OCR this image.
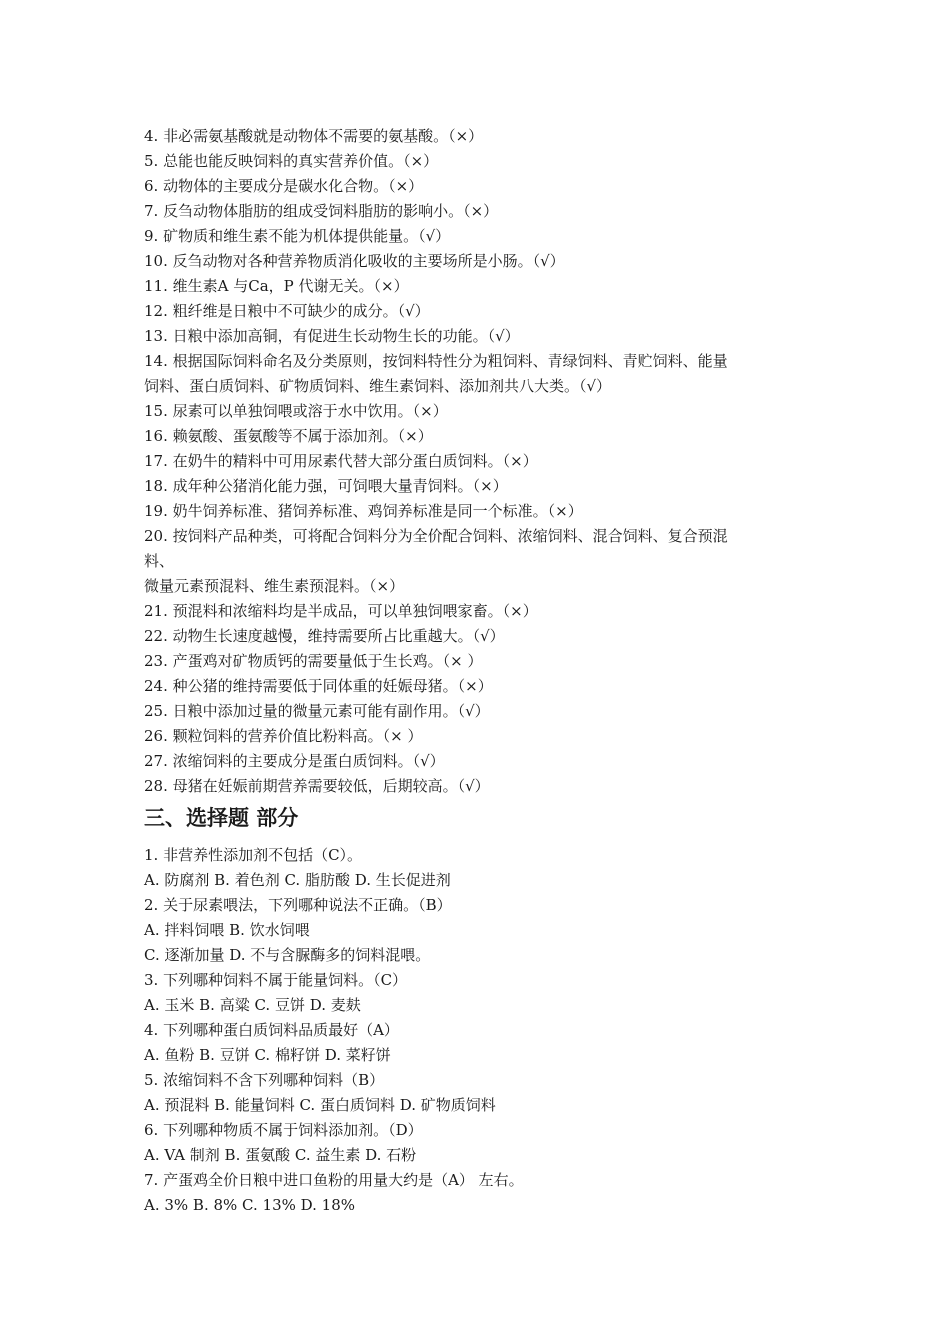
4. 非必需氨基酸就是动物体不需要的氨基酸。（×）
5. 总能也能反映饲料的真实营养价值。（×）
6. 动物体的主要成分是碳水化合物。（×）
7. 反刍动物体脂肪的组成受饲料脂肪的影响小。（×）
9. 矿物质和维生素不能为机体提供能量。（√）
10. 反刍动物对各种营养物质消化吸收的主要场所是小肠。（√）
11. 维生素A 与Ca，P 代谢无关。（×）
12. 粗纤维是日粮中不可缺少的成分。（√）
13. 日粮中添加高铜，有促进生长动物生长的功能。（√）
14. 根据国际饲料命名及分类原则，按饲料特性分为粗饲料、青绿饲料、青贮饲料、能量
饲料、蛋白质饲料、矿物质饲料、维生素饲料、添加剂共八大类。（√）
15. 尿素可以单独饲喂或溶于水中饮用。（×）
16. 赖氨酸、蛋氨酸等不属于添加剂。（×）
17. 在奶牛的精料中可用尿素代替大部分蛋白质饲料。（×）
18. 成年种公猪消化能力强，可饲喂大量青饲料。（×）
19. 奶牛饲养标准、猪饲养标准、鸡饲养标准是同一个标准。（×）
20. 按饲料产品种类，可将配合饲料分为全价配合饲料、浓缩饲料、混合饲料、复合预混
料、
微量元素预混料、维生素预混料。（×）
21. 预混料和浓缩料均是半成品，可以单独饲喂家畜。（×）
22. 动物生长速度越慢，维持需要所占比重越大。（√）
23. 产蛋鸡对矿物质钙的需要量低于生长鸡。（× ）
24. 种公猪的维持需要低于同体重的妊娠母猪。（×）
25. 日粮中添加过量的微量元素可能有副作用。（√）
26. 颗粒饲料的营养价值比粉料高。（× ）
27. 浓缩饲料的主要成分是蛋白质饲料。（√）
28. 母猪在妊娠前期营养需要较低，后期较高。（√）
三、选择题 部分
1. 非营养性添加剂不包括（C）。
A. 防腐剂 B. 着色剂 C. 脂肪酸 D. 生长促进剂
2. 关于尿素喂法，下列哪种说法不正确。（B）
A. 拌料饲喂 B. 饮水饲喂
C. 逐渐加量 D. 不与含脲酶多的饲料混喂。
3. 下列哪种饲料不属于能量饲料。（C）
A. 玉米 B. 高粱 C. 豆饼 D. 麦麸
4. 下列哪种蛋白质饲料品质最好（A）
A. 鱼粉 B. 豆饼 C. 棉籽饼 D. 菜籽饼
5. 浓缩饲料不含下列哪种饲料（B）
A. 预混料 B. 能量饲料 C. 蛋白质饲料 D. 矿物质饲料
6. 下列哪种物质不属于饲料添加剂。（D）
A. VA 制剂 B. 蛋氨酸 C. 益生素 D. 石粉
7. 产蛋鸡全价日粮中进口鱼粉的用量大约是（A） 左右。
A. 3% B. 8% C. 13% D. 18%
